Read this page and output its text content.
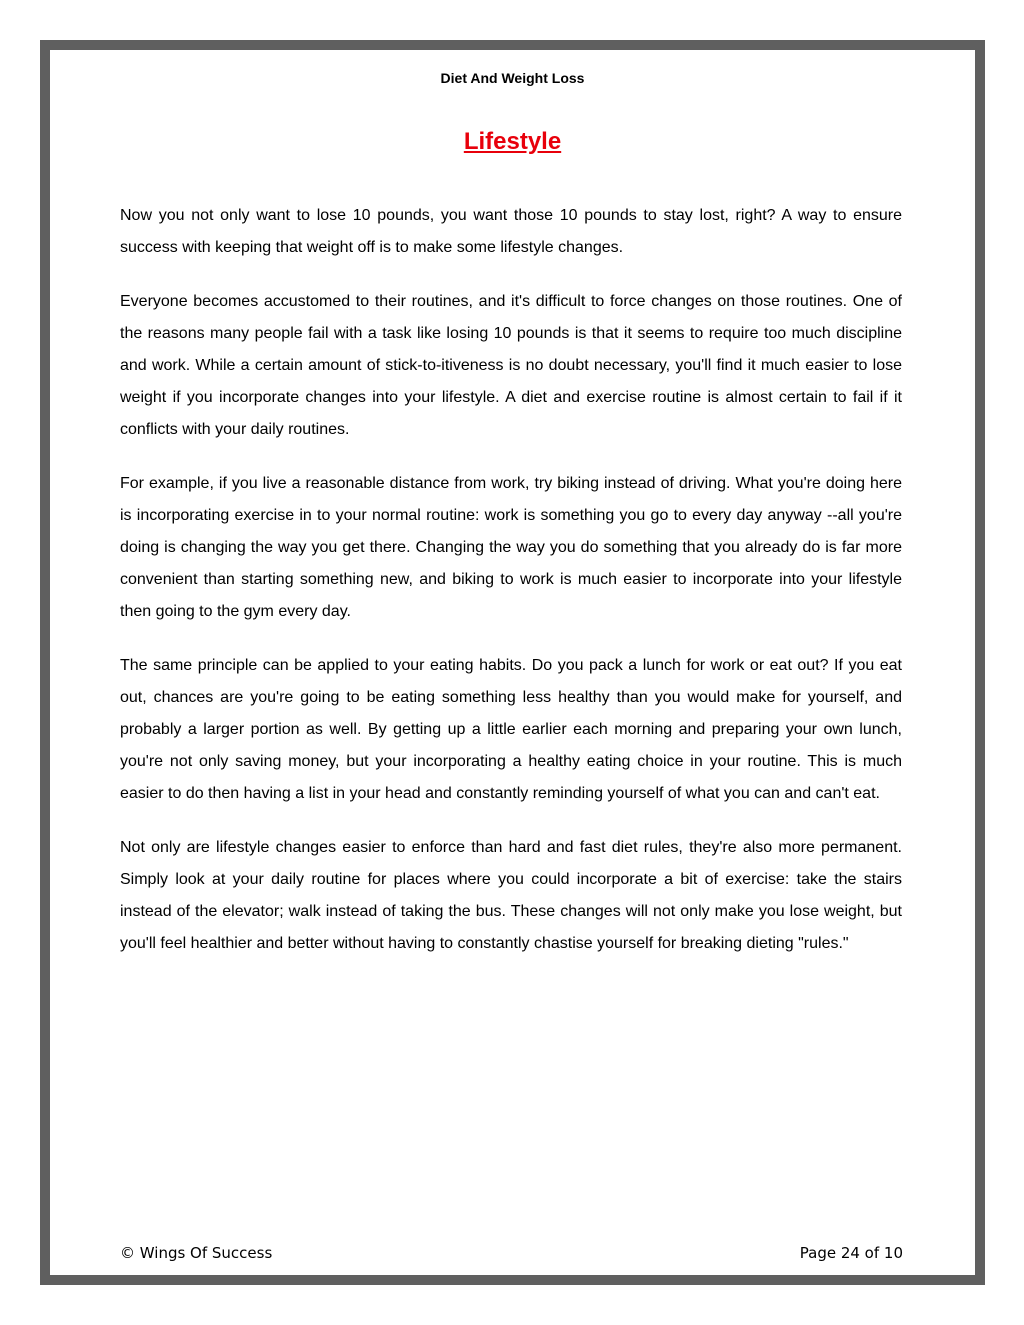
Diet And Weight Loss
Lifestyle

Now you not only want to lose 10 pounds, you want those 10 pounds to stay lost, right? A way to ensure success with keeping that weight off is to make some lifestyle changes.

Everyone becomes accustomed to their routines, and it's difficult to force changes on those routines. One of the reasons many people fail with a task like losing 10 pounds is that it seems to require too much discipline and work. While a certain amount of stick-to-itiveness is no doubt necessary, you'll find it much easier to lose weight if you incorporate changes into your lifestyle. A diet and exercise routine is almost certain to fail if it conflicts with your daily routines.

For example, if you live a reasonable distance from work, try biking instead of driving. What you're doing here is incorporating exercise in to your normal routine: work is something you go to every day anyway --all you're doing is changing the way you get there. Changing the way you do something that you already do is far more convenient than starting something new, and biking to work is much easier to incorporate into your lifestyle then going to the gym every day.

The same principle can be applied to your eating habits. Do you pack a lunch for work or eat out? If you eat out, chances are you're going to be eating something less healthy than you would make for yourself, and probably a larger portion as well. By getting up a little earlier each morning and preparing your own lunch, you're not only saving money, but your incorporating a healthy eating choice in your routine. This is much easier to do then having a list in your head and constantly reminding yourself of what you can and can't eat.

Not only are lifestyle changes easier to enforce than hard and fast diet rules, they're also more permanent. Simply look at your daily routine for places where you could incorporate a bit of exercise: take the stairs instead of the elevator; walk instead of taking the bus. These changes will not only make you lose weight, but you'll feel healthier and better without having to constantly chastise yourself for breaking dieting "rules."

© Wings Of Success	Page 24 of 10
